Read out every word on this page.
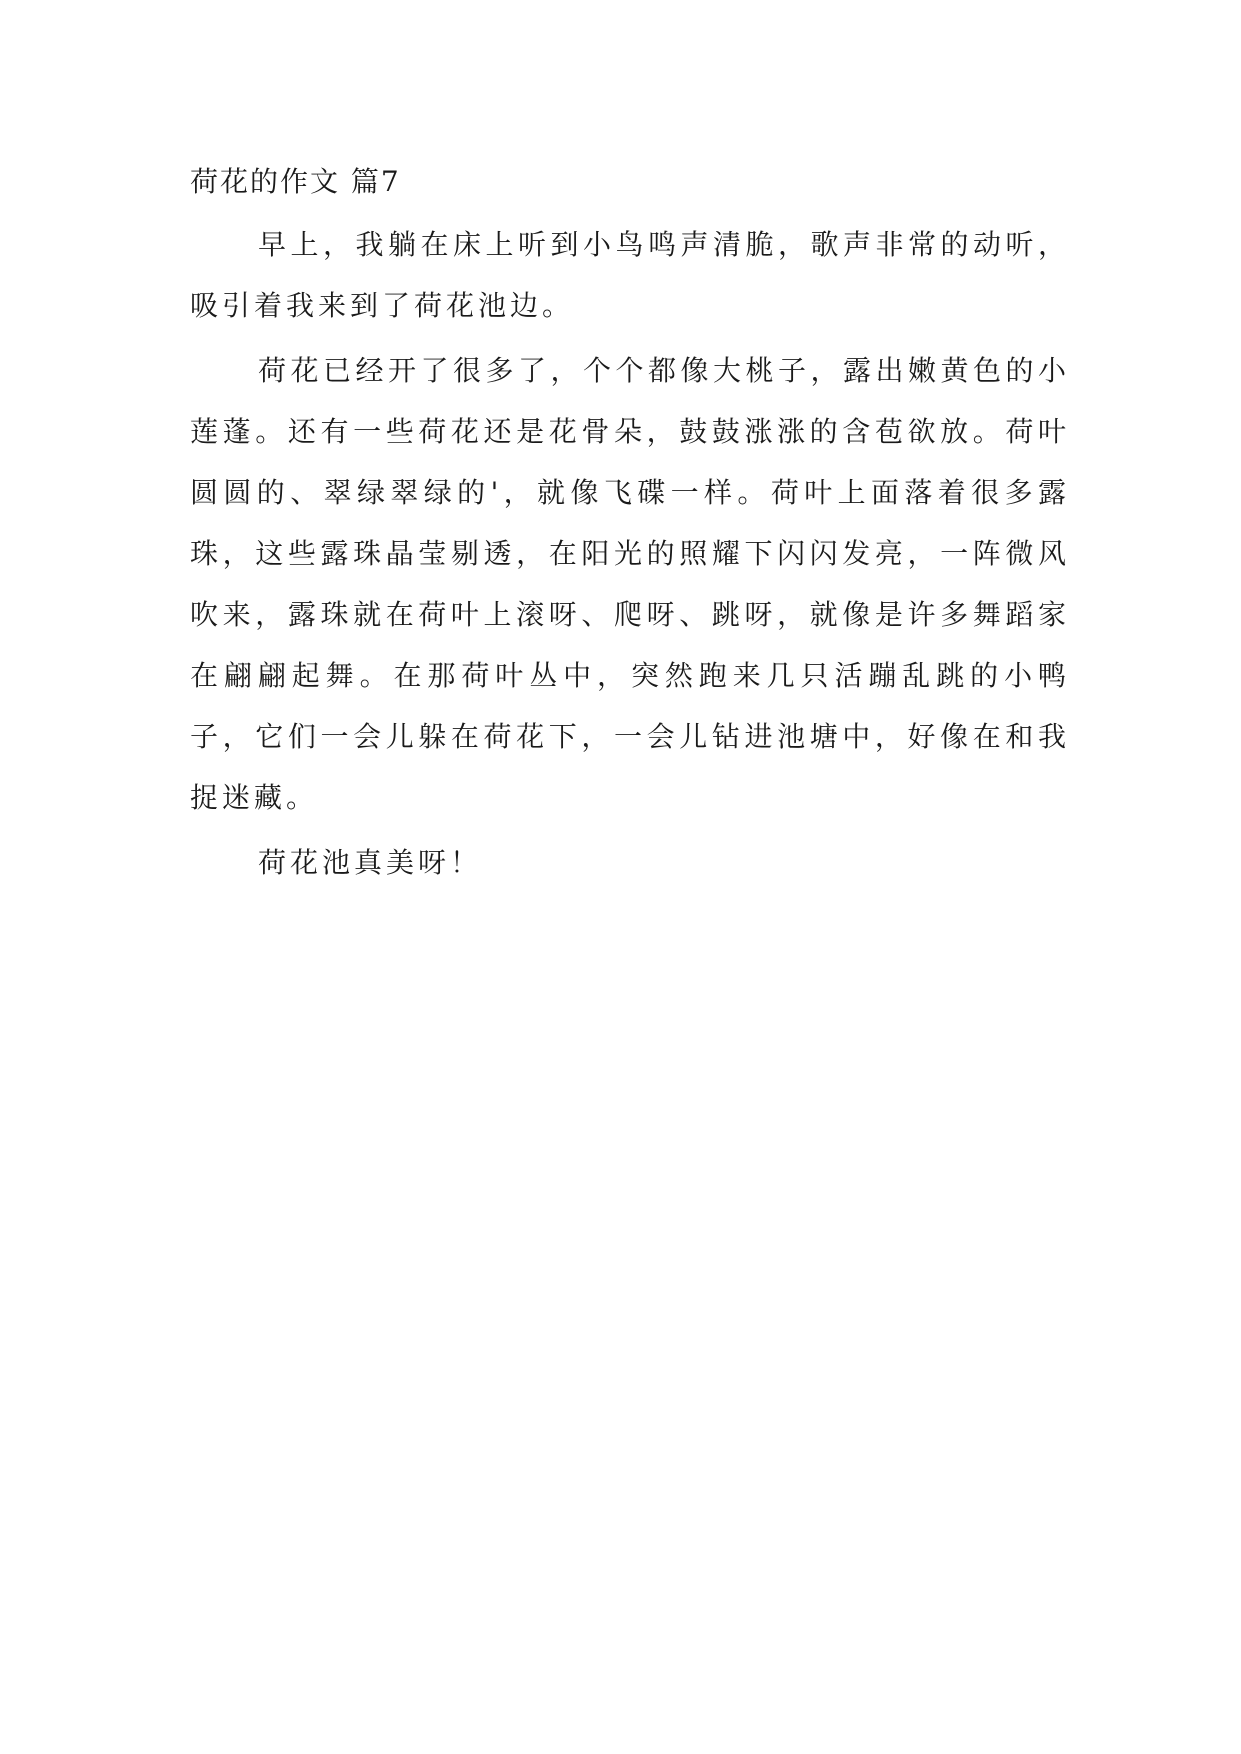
荷花的作文 篇7

早上，我躺在床上听到小鸟鸣声清脆，歌声非常的动听，吸引着我来到了荷花池边。

荷花已经开了很多了，个个都像大桃子，露出嫩黄色的小莲蓬。还有一些荷花还是花骨朵，鼓鼓涨涨的含苞欲放。荷叶圆圆的、翠绿翠绿的'，就像飞碟一样。荷叶上面落着很多露珠，这些露珠晶莹剔透，在阳光的照耀下闪闪发亮，一阵微风吹来，露珠就在荷叶上滚呀、爬呀、跳呀，就像是许多舞蹈家在翩翩起舞。在那荷叶丛中，突然跑来几只活蹦乱跳的小鸭子，它们一会儿躲在荷花下，一会儿钻进池塘中，好像在和我捉迷藏。

荷花池真美呀！
